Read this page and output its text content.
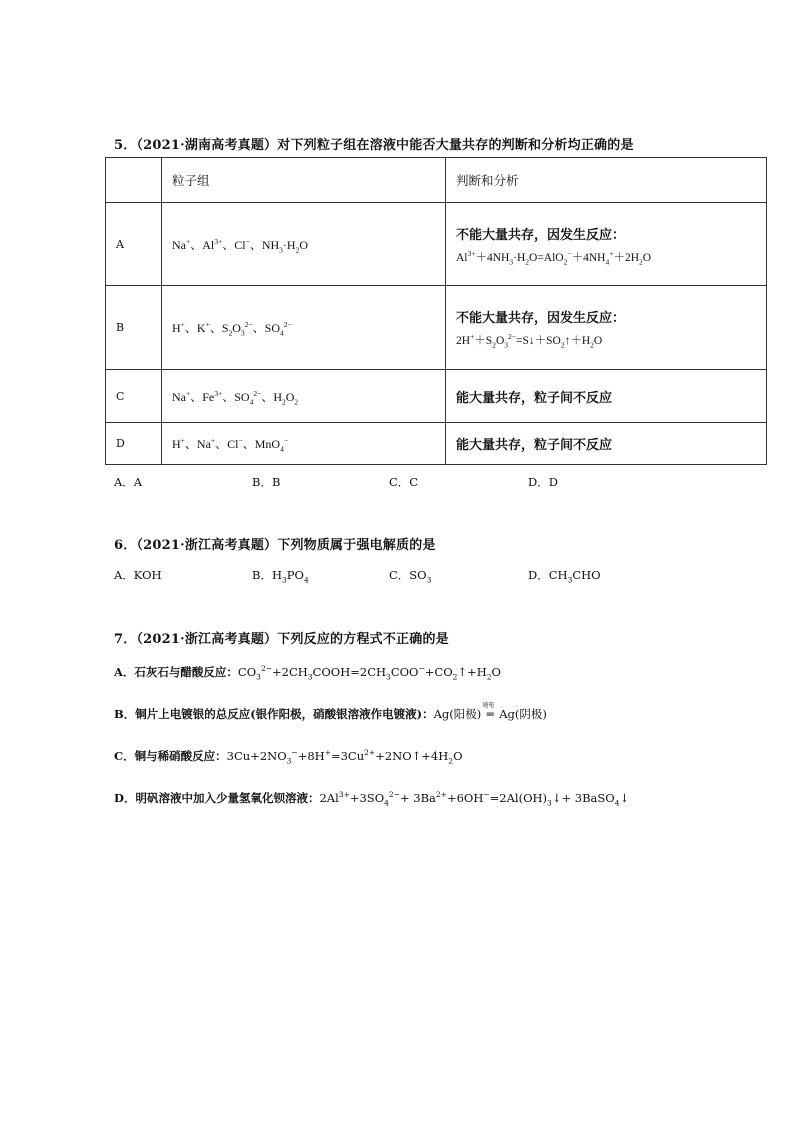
5．（2021·湖南高考真题）对下列粒子组在溶液中能否大量共存的判断和分析均正确的是
	粒子组	判断和分析
A	Na+、$Al^{3+}$、Cl−、$NH_3\cdot H_2O$	不能大量共存，因发生反应：
$Al^{3+}+4NH_3\cdot H_2O=AlO_2^-+4NH_4^++2H_2O$

B	H+、K+、$S_2O_3^{2-}$、$SO_4^{2-}$	不能大量共存，因发生反应：
$2H^++S_2O_3^{2-}=S↓+SO_2↑+H_2O$

C	Na+、$Fe^{3+}$、$SO_4^{2-}$、$H_2O_2$	能大量共存，粒子间不反应
D	H+、Na+、Cl−、MnO$_4$−	能大量共存，粒子间不反应
A．A	B．B	C．C	D．D
6．（2021·浙江高考真题）下列物质属于强电解质的是
A．KOH	B．$H_3PO_4$	C．$SO_3$	D．$CH_3CHO$
7．（2021·浙江高考真题）下列反应的方程式不正确的是
A．石灰石与醋酸反应：$CO_3^{2-}+2CH_3COOH=2CH_3COO^-+CO_2↑+H_2O$
B．铜片上电镀银的总反应(银作阳极，硝酸银溶液作电镀液)：Ag(阳极)
通电
═ Ag(阴极)
C．铜与稀硝酸反应：$3Cu+2NO_3^-+8H^+=3Cu^{2+}+2NO↑+4H_2O$
D．明矾溶液中加入少量氢氧化钡溶液：$2Al^{3+}+3SO_4^{2-}+$ $3Ba^{2+}+6OH^-=2Al(OH)_3↓+$ 3BaSO$_4$↓
